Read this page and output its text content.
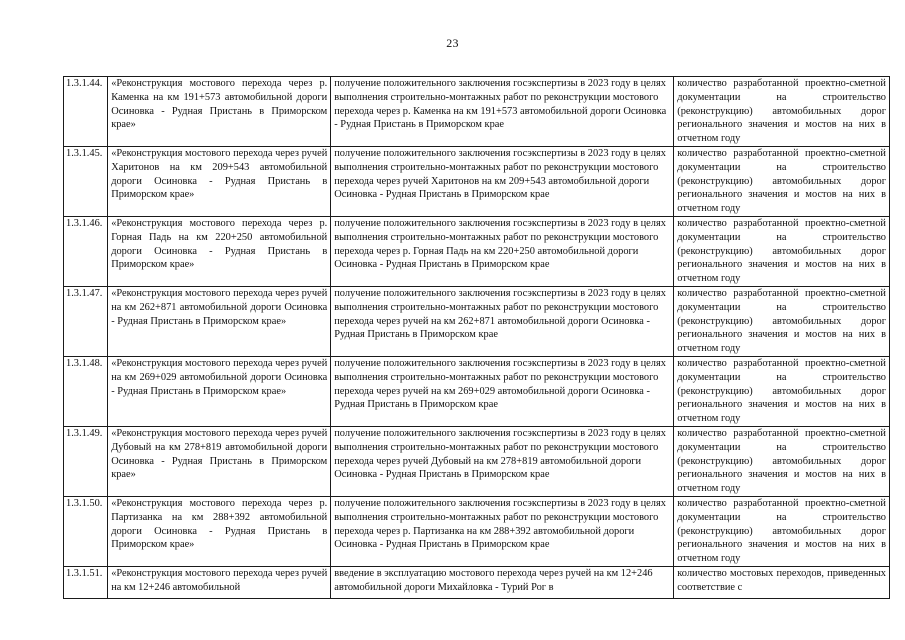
23
1.3.1.44.	«Реконструкция мостового перехода через р. Каменка на км 191+573 автомобильной дороги Осиновка - Рудная Пристань в Приморском крае»	получение положительного заключения госэкспертизы в 2023 году в целях выполнения строительно-монтажных работ по реконструкции мостового перехода через р. Каменка на км 191+573 автомобильной дороги Осиновка - Рудная Пристань в Приморском крае	количество разработанной проектно-сметной документации на строительство (реконструкцию) автомобильных дорог регионального значения и мостов на них в отчетном году
1.3.1.45.	«Реконструкция мостового перехода через ручей Харитонов на км 209+543 автомобильной дороги Осиновка - Рудная Пристань в Приморском крае»	получение положительного заключения госэкспертизы в 2023 году в целях выполнения строительно-монтажных работ по реконструкции мостового перехода через ручей Харитонов на км 209+543 автомобильной дороги Осиновка - Рудная Пристань в Приморском крае	количество разработанной проектно-сметной документации на строительство (реконструкцию) автомобильных дорог регионального значения и мостов на них в отчетном году
1.3.1.46.	«Реконструкция мостового перехода через р. Горная Падь на км 220+250 автомобильной дороги Осиновка - Рудная Пристань в Приморском крае»	получение положительного заключения госэкспертизы в 2023 году в целях выполнения строительно-монтажных работ по реконструкции мостового перехода через р. Горная Падь на км 220+250 автомобильной дороги Осиновка - Рудная Пристань в Приморском крае	количество разработанной проектно-сметной документации на строительство (реконструкцию) автомобильных дорог регионального значения и мостов на них в отчетном году
1.3.1.47.	«Реконструкция мостового перехода через ручей на км 262+871 автомобильной дороги Осиновка - Рудная Пристань в Приморском крае»	получение положительного заключения госэкспертизы в 2023 году в целях выполнения строительно-монтажных работ по реконструкции мостового перехода через ручей на км 262+871 автомобильной дороги Осиновка - Рудная Пристань в Приморском крае	количество разработанной проектно-сметной документации на строительство (реконструкцию) автомобильных дорог регионального значения и мостов на них в отчетном году
1.3.1.48.	«Реконструкция мостового перехода через ручей на км 269+029 автомобильной дороги Осиновка - Рудная Пристань в Приморском крае»	получение положительного заключения госэкспертизы в 2023 году в целях выполнения строительно-монтажных работ по реконструкции мостового перехода через ручей на км 269+029 автомобильной дороги Осиновка - Рудная Пристань в Приморском крае	количество разработанной проектно-сметной документации на строительство (реконструкцию) автомобильных дорог регионального значения и мостов на них в отчетном году
1.3.1.49.	«Реконструкция мостового перехода через ручей Дубовый на км 278+819 автомобильной дороги Осиновка - Рудная Пристань в Приморском крае»	получение положительного заключения госэкспертизы в 2023 году в целях выполнения строительно-монтажных работ по реконструкции мостового перехода через ручей Дубовый на км 278+819 автомобильной дороги Осиновка - Рудная Пристань в Приморском крае	количество разработанной проектно-сметной документации на строительство (реконструкцию) автомобильных дорог регионального значения и мостов на них в отчетном году
1.3.1.50.	«Реконструкция мостового перехода через р. Партизанка на км 288+392 автомобильной дороги Осиновка - Рудная Пристань в Приморском крае»	получение положительного заключения госэкспертизы в 2023 году в целях выполнения строительно-монтажных работ по реконструкции мостового перехода через р. Партизанка на км 288+392 автомобильной дороги Осиновка - Рудная Пристань в Приморском крае	количество разработанной проектно-сметной документации на строительство (реконструкцию) автомобильных дорог регионального значения и мостов на них в отчетном году
1.3.1.51.	«Реконструкция мостового перехода через ручей на км 12+246 автомобильной	введение в эксплуатацию мостового перехода через ручей на км 12+246 автомобильной дороги Михайловка - Турий Рог в	количество мостовых переходов, приведенных соответствие с
